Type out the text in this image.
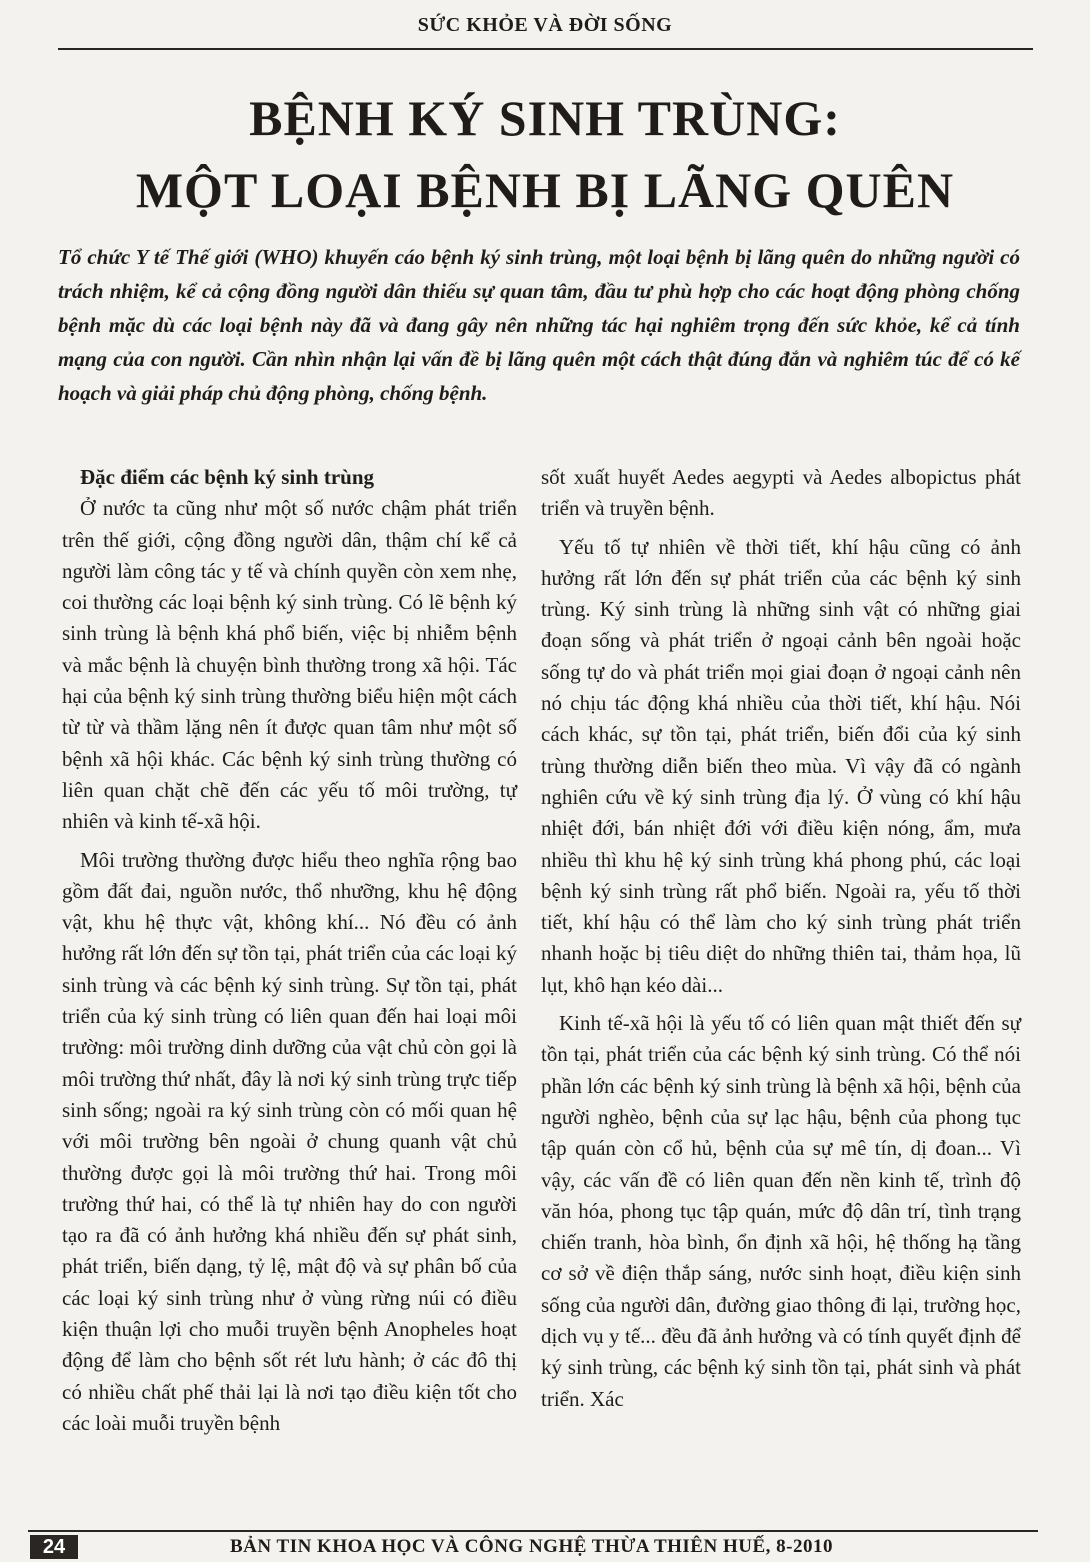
SỨC KHỎE VÀ ĐỜI SỐNG
BỆNH KÝ SINH TRÙNG:
MỘT LOẠI BỆNH BỊ LÃNG QUÊN

Tổ chức Y tế Thế giới (WHO) khuyến cáo bệnh ký sinh trùng, một loại bệnh bị lãng quên do những người có trách nhiệm, kể cả cộng đồng người dân thiếu sự quan tâm, đầu tư phù hợp cho các hoạt động phòng chống bệnh mặc dù các loại bệnh này đã và đang gây nên những tác hại nghiêm trọng đến sức khỏe, kể cả tính mạng của con người. Cần nhìn nhận lại vấn đề bị lãng quên một cách thật đúng đắn và nghiêm túc để có kế hoạch và giải pháp chủ động phòng, chống bệnh.

Đặc điểm các bệnh ký sinh trùng

Ở nước ta cũng như một số nước chậm phát triển trên thế giới, cộng đồng người dân, thậm chí kể cả người làm công tác y tế và chính quyền còn xem nhẹ, coi thường các loại bệnh ký sinh trùng. Có lẽ bệnh ký sinh trùng là bệnh khá phổ biến, việc bị nhiễm bệnh và mắc bệnh là chuyện bình thường trong xã hội. Tác hại của bệnh ký sinh trùng thường biểu hiện một cách từ từ và thầm lặng nên ít được quan tâm như một số bệnh xã hội khác. Các bệnh ký sinh trùng thường có liên quan chặt chẽ đến các yếu tố môi trường, tự nhiên và kinh tế-xã hội.

Môi trường thường được hiểu theo nghĩa rộng bao gồm đất đai, nguồn nước, thổ nhưỡng, khu hệ động vật, khu hệ thực vật, không khí... Nó đều có ảnh hưởng rất lớn đến sự tồn tại, phát triển của các loại ký sinh trùng và các bệnh ký sinh trùng. Sự tồn tại, phát triển của ký sinh trùng có liên quan đến hai loại môi trường: môi trường dinh dưỡng của vật chủ còn gọi là môi trường thứ nhất, đây là nơi ký sinh trùng trực tiếp sinh sống; ngoài ra ký sinh trùng còn có mối quan hệ với môi trường bên ngoài ở chung quanh vật chủ thường được gọi là môi trường thứ hai. Trong môi trường thứ hai, có thể là tự nhiên hay do con người tạo ra đã có ảnh hưởng khá nhiều đến sự phát sinh, phát triển, biến dạng, tỷ lệ, mật độ và sự phân bố của các loại ký sinh trùng như ở vùng rừng núi có điều kiện thuận lợi cho muỗi truyền bệnh Anopheles hoạt động để làm cho bệnh sốt rét lưu hành; ở các đô thị có nhiều chất phế thải lại là nơi tạo điều kiện tốt cho các loài muỗi truyền bệnh

sốt xuất huyết Aedes aegypti và Aedes albopictus phát triển và truyền bệnh.

Yếu tố tự nhiên về thời tiết, khí hậu cũng có ảnh hưởng rất lớn đến sự phát triển của các bệnh ký sinh trùng. Ký sinh trùng là những sinh vật có những giai đoạn sống và phát triển ở ngoại cảnh bên ngoài hoặc sống tự do và phát triển mọi giai đoạn ở ngoại cảnh nên nó chịu tác động khá nhiều của thời tiết, khí hậu. Nói cách khác, sự tồn tại, phát triển, biến đổi của ký sinh trùng thường diễn biến theo mùa. Vì vậy đã có ngành nghiên cứu về ký sinh trùng địa lý. Ở vùng có khí hậu nhiệt đới, bán nhiệt đới với điều kiện nóng, ẩm, mưa nhiều thì khu hệ ký sinh trùng khá phong phú, các loại bệnh ký sinh trùng rất phổ biến. Ngoài ra, yếu tố thời tiết, khí hậu có thể làm cho ký sinh trùng phát triển nhanh hoặc bị tiêu diệt do những thiên tai, thảm họa, lũ lụt, khô hạn kéo dài...

Kinh tế-xã hội là yếu tố có liên quan mật thiết đến sự tồn tại, phát triển của các bệnh ký sinh trùng. Có thể nói phần lớn các bệnh ký sinh trùng là bệnh xã hội, bệnh của người nghèo, bệnh của sự lạc hậu, bệnh của phong tục tập quán còn cổ hủ, bệnh của sự mê tín, dị đoan... Vì vậy, các vấn đề có liên quan đến nền kinh tế, trình độ văn hóa, phong tục tập quán, mức độ dân trí, tình trạng chiến tranh, hòa bình, ổn định xã hội, hệ thống hạ tầng cơ sở về điện thắp sáng, nước sinh hoạt, điều kiện sinh sống của người dân, đường giao thông đi lại, trường học, dịch vụ y tế... đều đã ảnh hưởng và có tính quyết định để ký sinh trùng, các bệnh ký sinh tồn tại, phát sinh và phát triển. Xác

24	BẢN TIN KHOA HỌC VÀ CÔNG NGHỆ THỪA THIÊN HUẾ, 8-2010
